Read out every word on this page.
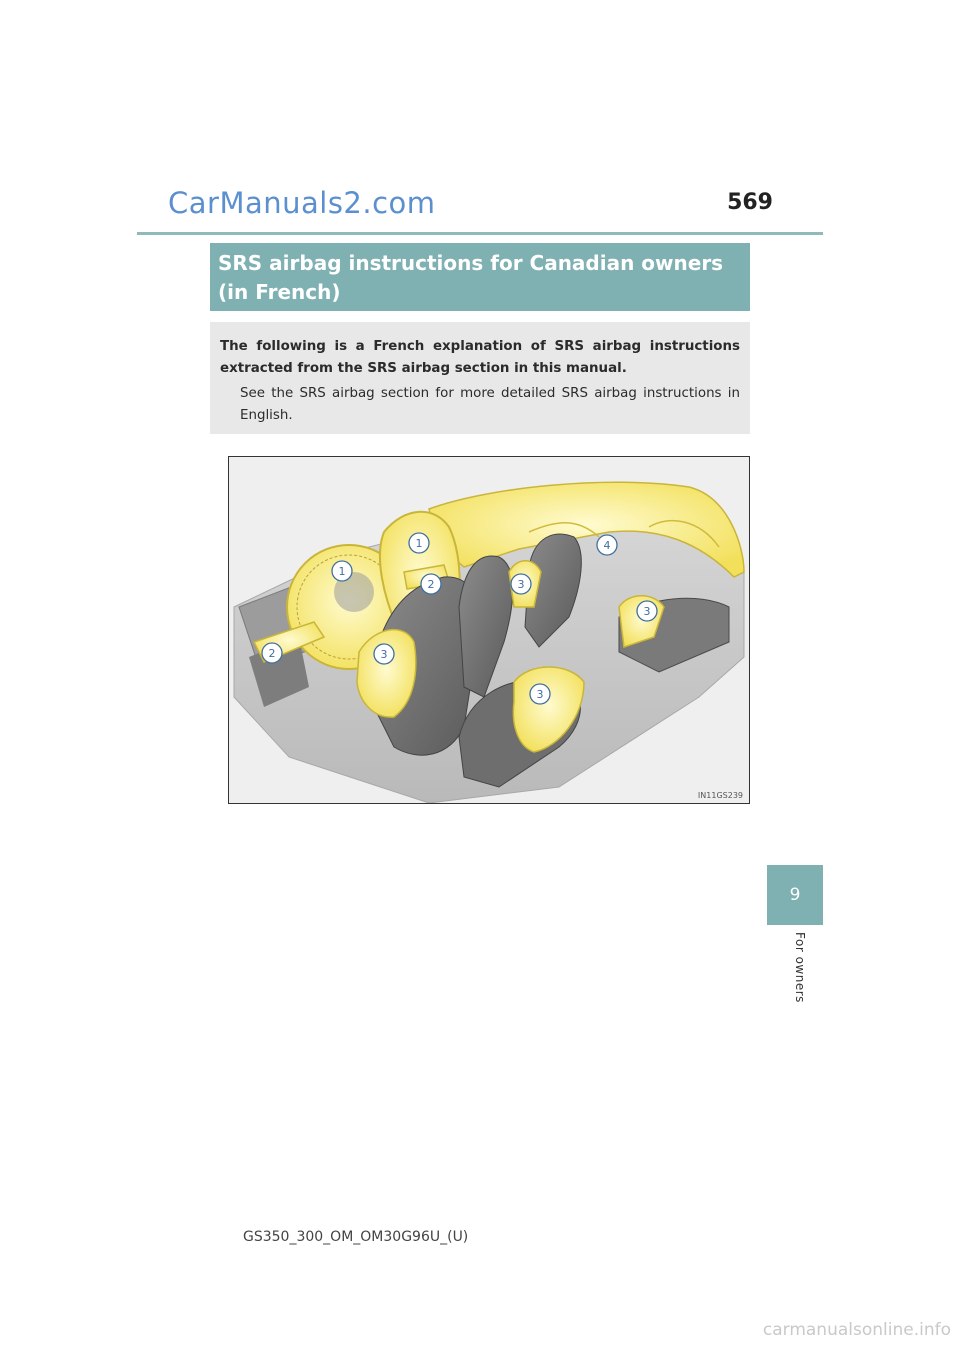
CarManuals2.com	569
SRS airbag instructions for Canadian owners (in French)

The following is a French explanation of SRS airbag instructions extracted from the SRS airbag section in this manual.

See the SRS airbag section for more detailed SRS airbag instructions in English.

1
1
2
2
3
3
3
3
4
IN11GS239
9
For owners
GS350_300_OM_OM30G96U_(U)
carmanualsonline.info
